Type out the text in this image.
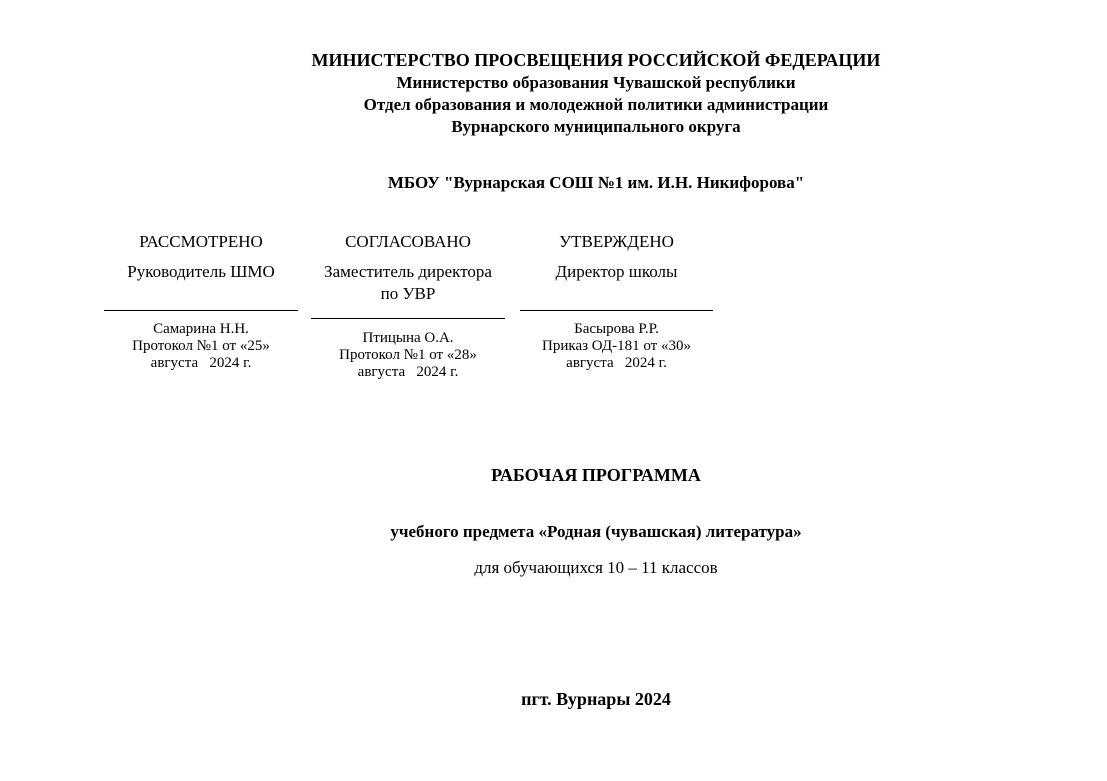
МИНИСТЕРСТВО ПРОСВЕЩЕНИЯ РОССИЙСКОЙ ФЕДЕРАЦИИ
Министерство образования Чувашской республики
Отдел образования и молодежной политики администрации
Вурнарского муниципального округа
МБОУ "Вурнарская СОШ №1 им. И.Н. Никифорова"
РАССМОТРЕНО
Руководитель ШМО
Самарина Н.Н.
Протокол №1 от «25»
августа   2024 г.
СОГЛАСОВАНО
Заместитель директора
по УВР
Птицына О.А.
Протокол №1 от «28»
августа   2024 г.
УТВЕРЖДЕНО
Директор школы
Басырова Р.Р.
Приказ ОД-181 от «30»
августа   2024 г.
РАБОЧАЯ ПРОГРАММА
учебного предмета «Родная (чувашская) литература»
для обучающихся 10 – 11 классов
пгт. Вурнары 2024
